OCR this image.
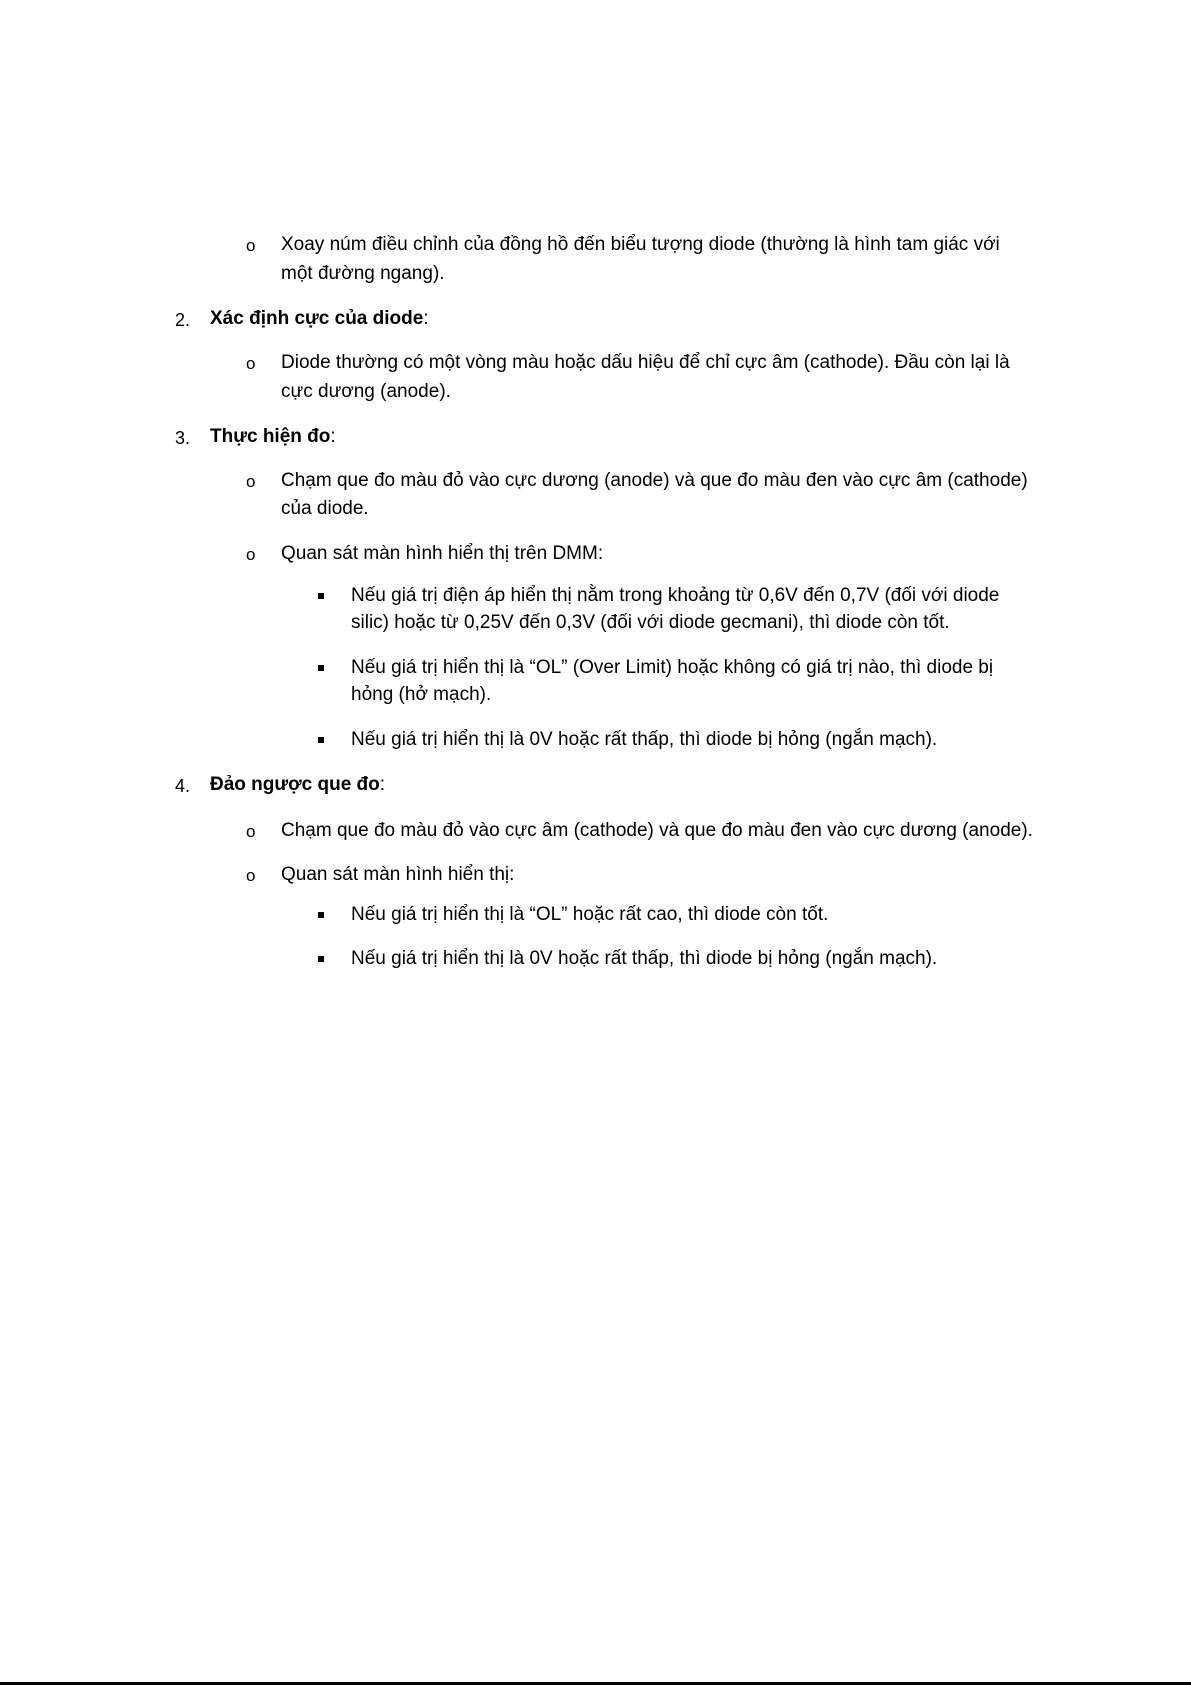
o Xoay núm điều chỉnh của đồng hồ đến biểu tượng diode (thường là hình tam giác với
một đường ngang).
2. Xác định cực của diode:
o Diode thường có một vòng màu hoặc dấu hiệu để chỉ cực âm (cathode). Đầu còn lại là
cực dương (anode).
3. Thực hiện đo:
o Chạm que đo màu đỏ vào cực dương (anode) và que đo màu đen vào cực âm (cathode)
của diode.
o Quan sát màn hình hiển thị trên DMM:
Nếu giá trị điện áp hiển thị nằm trong khoảng từ 0,6V đến 0,7V (đối với diode
silic) hoặc từ 0,25V đến 0,3V (đối với diode gecmani), thì diode còn tốt.
Nếu giá trị hiển thị là “OL” (Over Limit) hoặc không có giá trị nào, thì diode bị
hỏng (hở mạch).
Nếu giá trị hiển thị là 0V hoặc rất thấp, thì diode bị hỏng (ngắn mạch).
4. Đảo ngược que đo:
o Chạm que đo màu đỏ vào cực âm (cathode) và que đo màu đen vào cực dương (anode).
o Quan sát màn hình hiển thị:
Nếu giá trị hiển thị là “OL” hoặc rất cao, thì diode còn tốt.
Nếu giá trị hiển thị là 0V hoặc rất thấp, thì diode bị hỏng (ngắn mạch).
